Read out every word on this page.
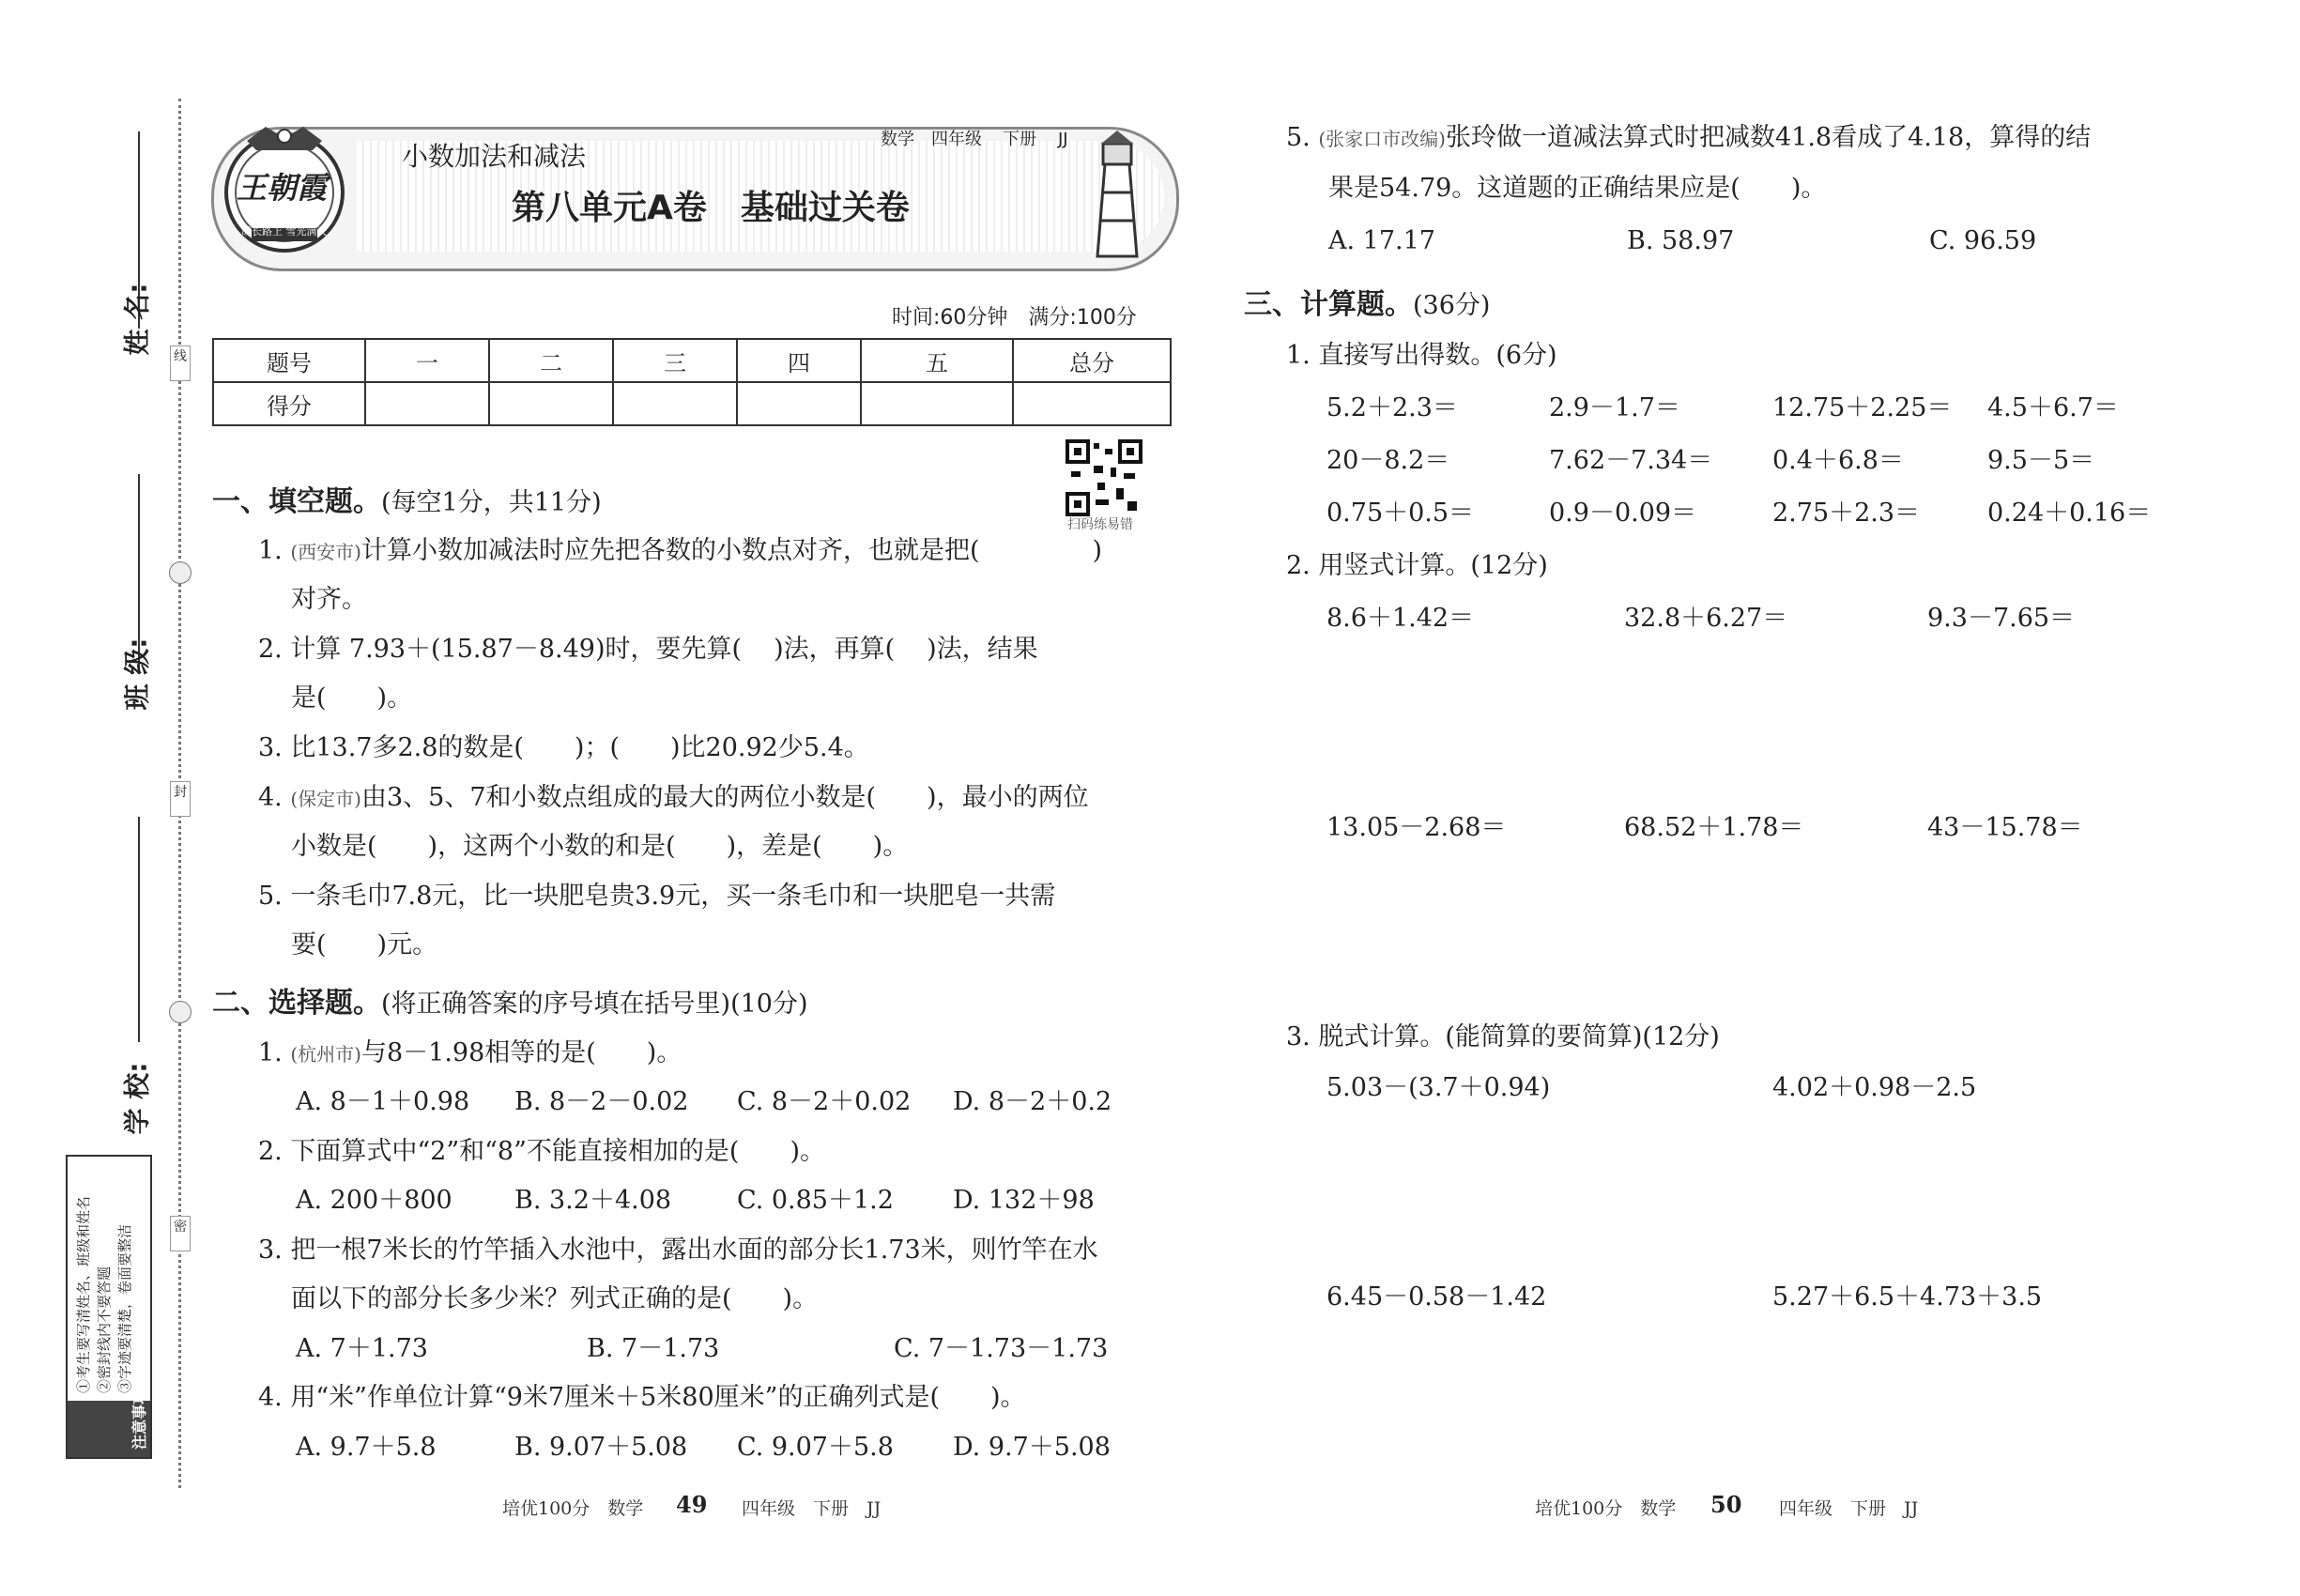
姓 名:
班 级:
学 校:
线
封
密
注意事项
①考生要写清姓名、班级和姓名 ②密封线内不要答题 ③字迹要清楚，卷面要整洁
王朝霞
成长路上 雪光满天
小数加法和减法
数学 四年级 下册 JJ
第八单元A卷　基础过关卷
时间:60分钟　满分:100分
题号	一	二	三	四	五	总分
得分						
扫码练易错
一、填空题。(每空1分，共11分)
1. (西安市)计算小数加减法时应先把各数的小数点对齐，也就是把(	)
对齐。
2. 计算 7.93＋(15.87－8.49)时，要先算( )法，再算( )法，结果
是(　　)。
3. 比13.7多2.8的数是(　　)；(　　)比20.92少5.4。
4. (保定市)由3、5、7和小数点组成的最大的两位小数是(　　)，最小的两位
小数是(　　)，这两个小数的和是(　　)，差是(　　)。
5. 一条毛巾7.8元，比一块肥皂贵3.9元，买一条毛巾和一块肥皂一共需
要(　　)元。
二、选择题。(将正确答案的序号填在括号里)(10分)
1. (杭州市)与8－1.98相等的是(　　)。
A. 8－1＋0.98 B. 8－2－0.02 C. 8－2＋0.02 D. 8－2＋0.2
2. 下面算式中“2”和“8”不能直接相加的是(　　)。
A. 200＋800 B. 3.2＋4.08	C. 0.85＋1.2 D. 132＋98
3. 把一根7米长的竹竿插入水池中，露出水面的部分长1.73米，则竹竿在水
面以下的部分长多少米？列式正确的是(　　)。
A. 7＋1.73	B. 7－1.73	C. 7－1.73－1.73
4. 用“米”作单位计算“9米7厘米＋5米80厘米”的正确列式是(　　)。
A. 9.7＋5.8	B. 9.07＋5.08 C. 9.07＋5.8 D. 9.7＋5.08
培优100分　数学 49 四年级　下册　JJ
5. (张家口市改编)张玲做一道减法算式时把减数41.8看成了4.18，算得的结
果是54.79。这道题的正确结果应是(　　)。
A. 17.17	B. 58.97	C. 96.59
三、计算题。(36分)
1. 直接写出得数。(6分)
5.2＋2.3＝	2.9－1.7＝	12.75＋2.25＝ 4.5＋6.7＝
20－8.2＝	7.62－7.34＝ 0.4＋6.8＝	9.5－5＝
0.75＋0.5＝	0.9－0.09＝	2.75＋2.3＝	0.24＋0.16＝
2. 用竖式计算。(12分)
8.6＋1.42＝	32.8＋6.27＝	9.3－7.65＝
13.05－2.68＝	68.52＋1.78＝	43－15.78＝
3. 脱式计算。(能简算的要简算)(12分)
5.03－(3.7＋0.94)	4.02＋0.98－2.5
6.45－0.58－1.42	5.27＋6.5＋4.73＋3.5
培优100分　数学 50 四年级　下册　JJ
